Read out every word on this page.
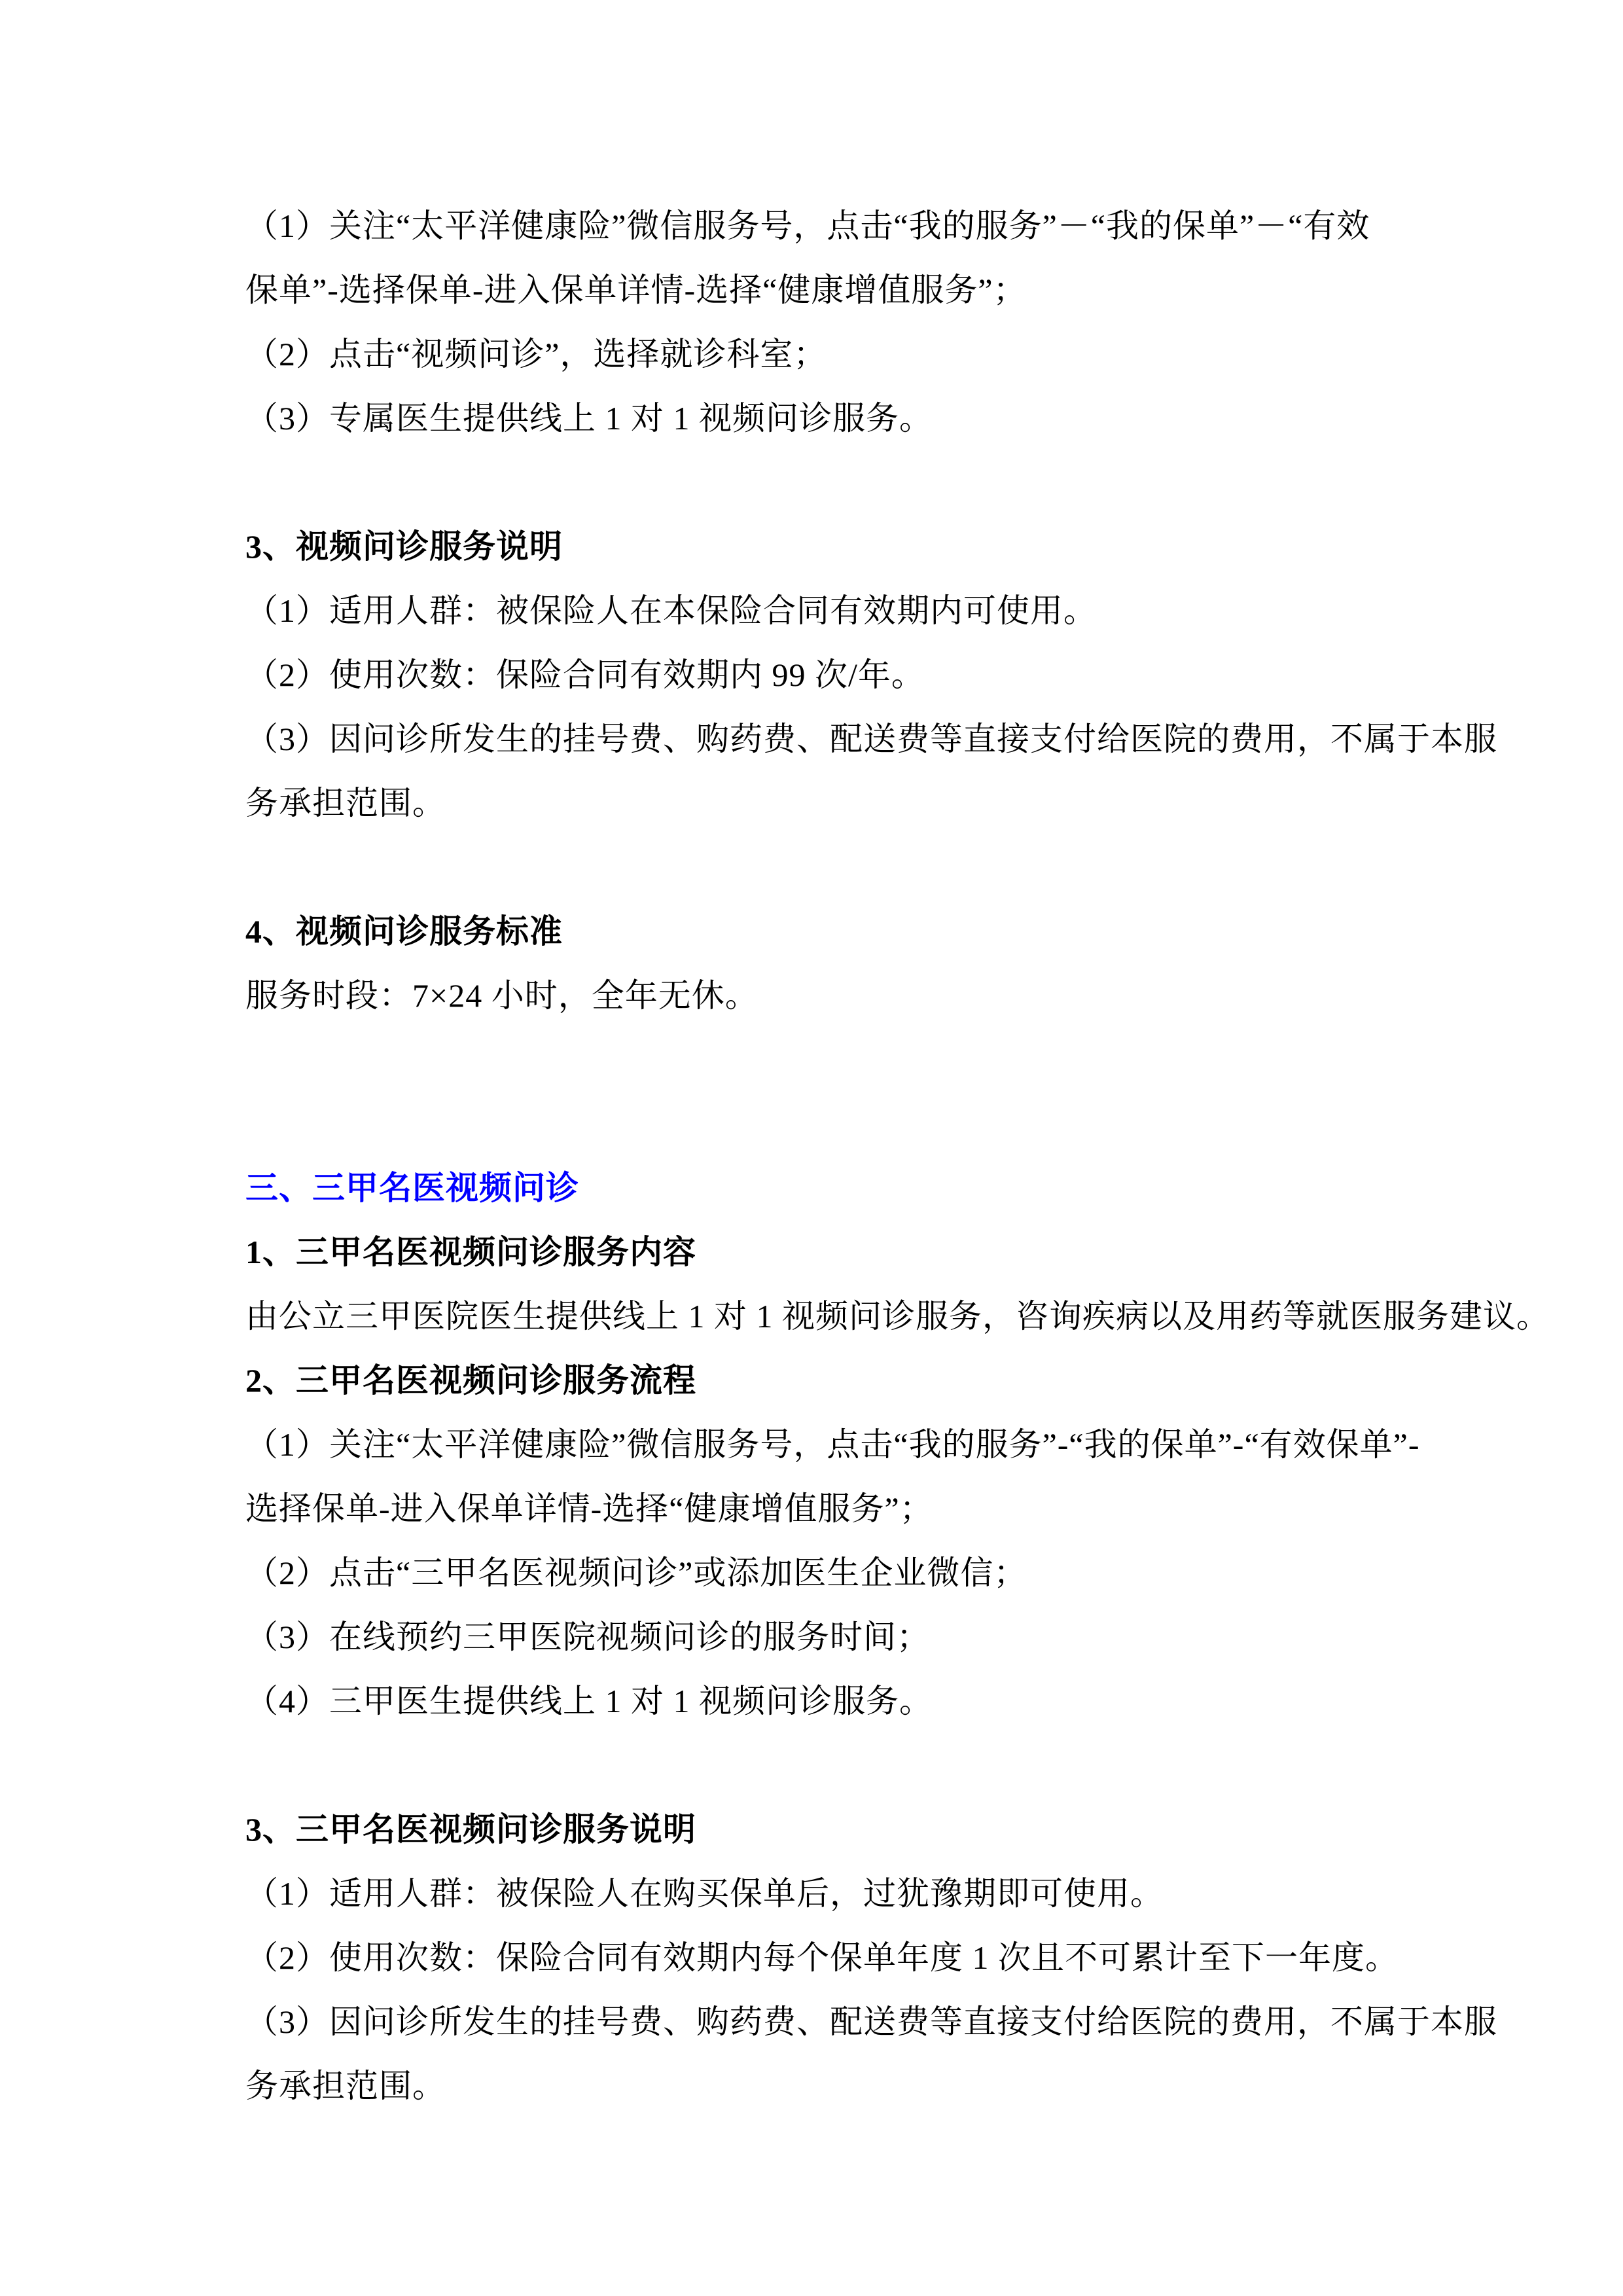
（1）关注“太平洋健康险”微信服务号，点击“我的服务”－“我的保单”－“有效
保单”-选择保单-进入保单详情-选择“健康增值服务”；
（2）点击“视频问诊”，选择就诊科室；
（3）专属医生提供线上 1 对 1 视频问诊服务。
3、视频问诊服务说明
（1）适用人群：被保险人在本保险合同有效期内可使用。
（2）使用次数：保险合同有效期内 99 次/年。
（3）因问诊所发生的挂号费、购药费、配送费等直接支付给医院的费用，不属于本服
务承担范围。
4、视频问诊服务标准
服务时段：7×24 小时，全年无休。
三、三甲名医视频问诊
1、三甲名医视频问诊服务内容
由公立三甲医院医生提供线上 1 对 1 视频问诊服务，咨询疾病以及用药等就医服务建议。
2、三甲名医视频问诊服务流程
（1）关注“太平洋健康险”微信服务号，点击“我的服务”-“我的保单”-“有效保单”-
选择保单-进入保单详情-选择“健康增值服务”；
（2）点击“三甲名医视频问诊”或添加医生企业微信；
（3）在线预约三甲医院视频问诊的服务时间；
（4）三甲医生提供线上 1 对 1 视频问诊服务。
3、三甲名医视频问诊服务说明
（1）适用人群：被保险人在购买保单后，过犹豫期即可使用。
（2）使用次数：保险合同有效期内每个保单年度 1 次且不可累计至下一年度。
（3）因问诊所发生的挂号费、购药费、配送费等直接支付给医院的费用，不属于本服
务承担范围。
